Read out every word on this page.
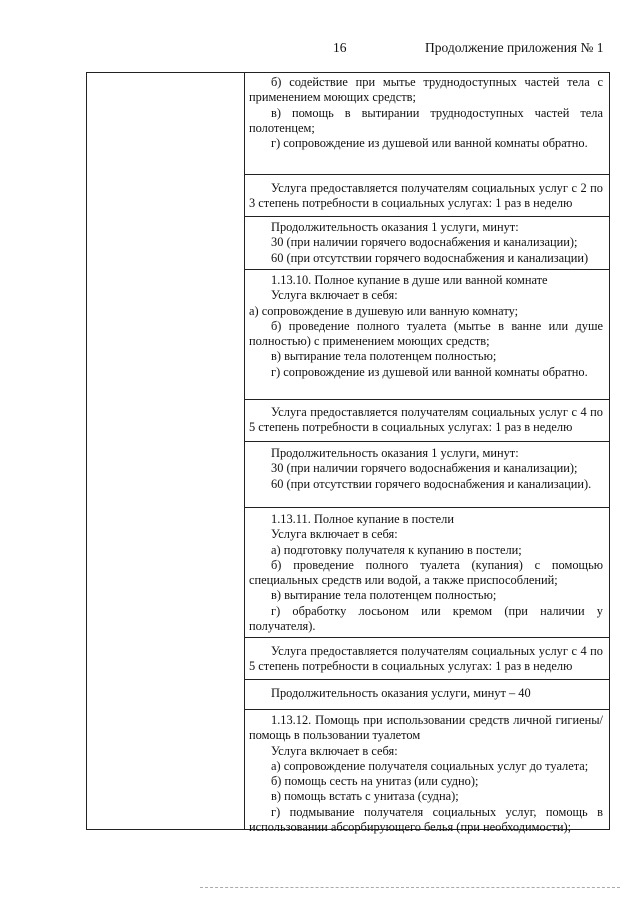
16	Продолжение приложения № 1

б) содействие при мытье труднодоступных частей тела с применением моющих средств;

в) помощь в вытирании труднодоступных частей тела полотенцем;

г) сопровождение из душевой или ванной комнаты обратно.

Услуга предоставляется получателям социальных услуг с 2 по 3 степень потребности в социальных услугах: 1 раз в неделю

Продолжительность оказания 1 услуги, минут:

30 (при наличии горячего водоснабжения и канализации);

60 (при отсутствии горячего водоснабжения и канализации)

1.13.10. Полное купание в душе или ванной комнате

Услуга включает в себя:

а) сопровождение в душевую или ванную комнату;

б) проведение полного туалета (мытье в ванне или душе полностью) с применением моющих средств;

в) вытирание тела полотенцем полностью;

г) сопровождение из душевой или ванной комнаты обратно.

Услуга предоставляется получателям социальных услуг с 4 по 5 степень потребности в социальных услугах: 1 раз в неделю

Продолжительность оказания 1 услуги, минут:

30 (при наличии горячего водоснабжения и канализации);

60 (при отсутствии горячего водоснабжения и канализации).

1.13.11. Полное купание в постели

Услуга включает в себя:

а) подготовку получателя к купанию в постели;

б) проведение полного туалета (купания) с помощью специальных средств или водой, а также приспособлений;

в) вытирание тела полотенцем полностью;

г) обработку лосьоном или кремом (при наличии у получателя).

Услуга предоставляется получателям социальных услуг с 4 по 5 степень потребности в социальных услугах: 1 раз в неделю

Продолжительность оказания услуги, минут – 40

1.13.12. Помощь при использовании средств личной гигиены/помощь в пользовании туалетом

Услуга включает в себя:

а) сопровождение получателя социальных услуг до туалета;

б) помощь сесть на унитаз (или судно);

в) помощь встать с унитаза (судна);

г) подмывание получателя социальных услуг, помощь в использовании абсорбирующего белья (при необходимости);
